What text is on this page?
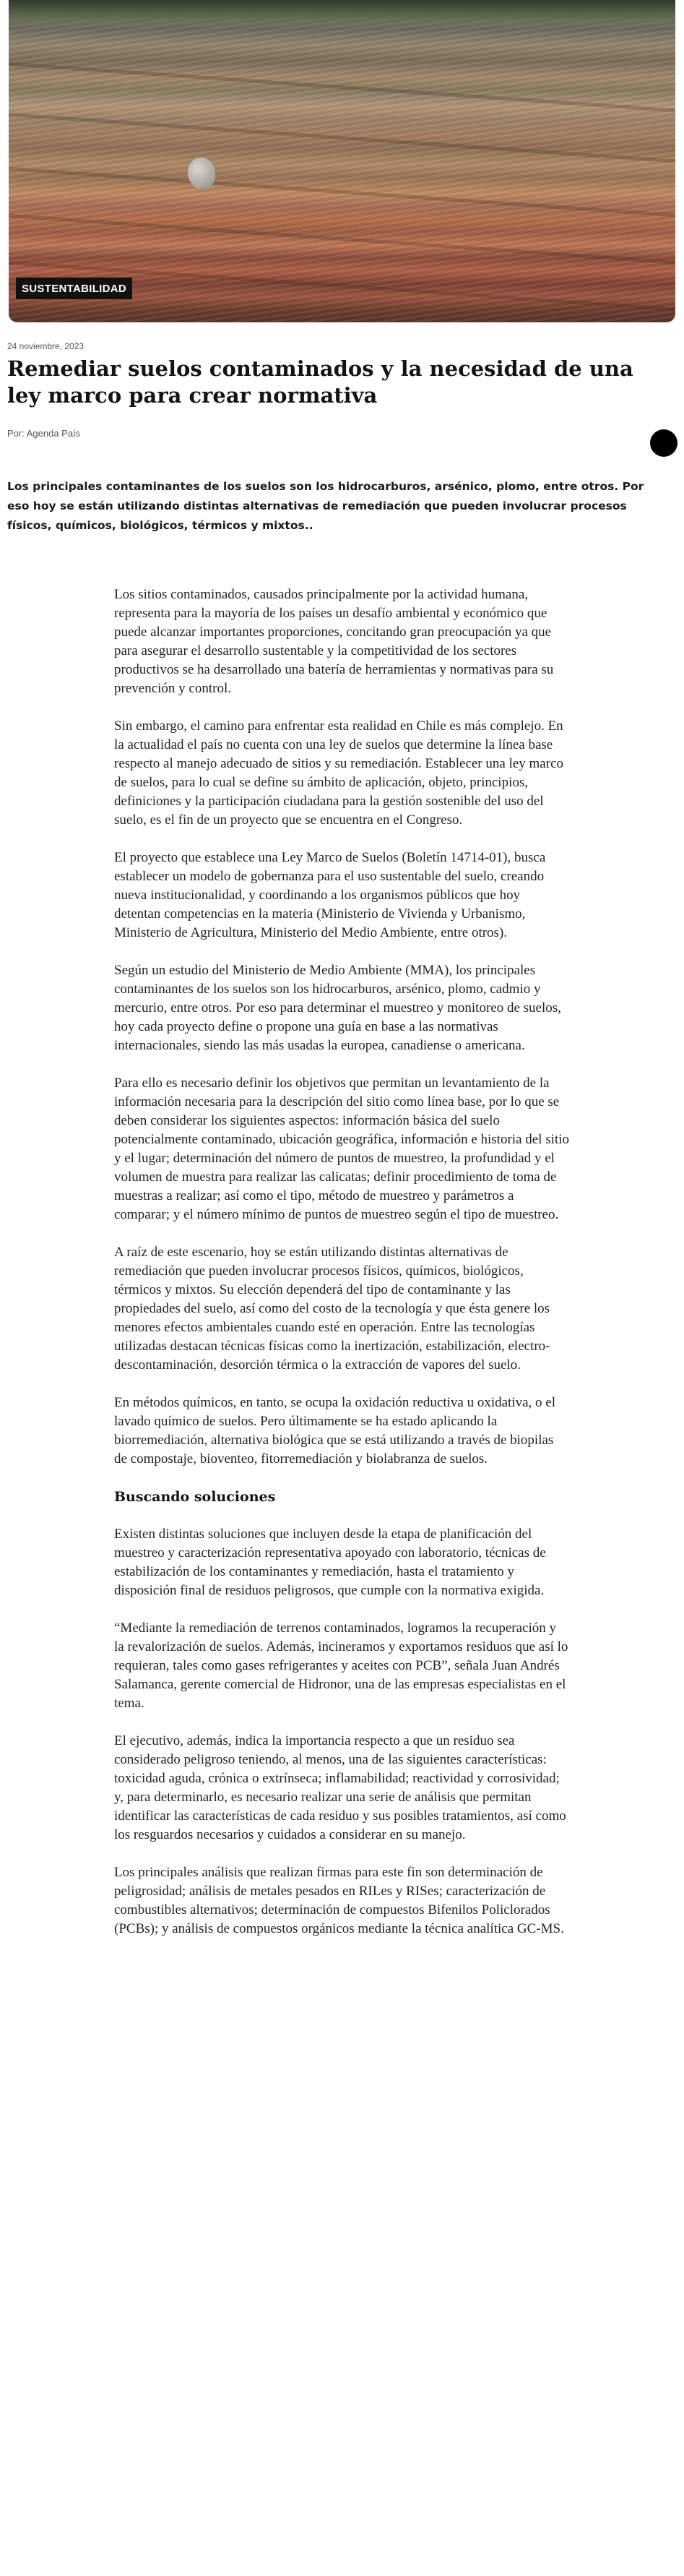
SUSTENTABILIDAD
24 noviembre, 2023
Remediar suelos contaminados y la necesidad de una ley marco para crear normativa
Por: Agenda País

Los principales contaminantes de los suelos son los hidrocarburos, arsénico, plomo, entre otros. Por eso hoy se están utilizando distintas alternativas de remediación que pueden involucrar procesos físicos, químicos, biológicos, térmicos y mixtos..

Los sitios contaminados, causados principalmente por la actividad humana, representa para la mayoría de los países un desafío ambiental y económico que puede alcanzar importantes proporciones, concitando gran preocupación ya que para asegurar el desarrollo sustentable y la competitividad de los sectores productivos se ha desarrollado una batería de herramientas y normativas para su prevención y control.

Sin embargo, el camino para enfrentar esta realidad en Chile es más complejo. En la actualidad el país no cuenta con una ley de suelos que determine la línea base respecto al manejo adecuado de sitios y su remediación. Establecer una ley marco de suelos, para lo cual se define su ámbito de aplicación, objeto, principios, definiciones y la participación ciudadana para la gestión sostenible del uso del suelo, es el fin de un proyecto que se encuentra en el Congreso.

El proyecto que establece una Ley Marco de Suelos (Boletín 14714-01), busca establecer un modelo de gobernanza para el uso sustentable del suelo, creando nueva institucionalidad, y coordinando a los organismos públicos que hoy detentan competencias en la materia (Ministerio de Vivienda y Urbanismo, Ministerio de Agricultura, Ministerio del Medio Ambiente, entre otros).

Según un estudio del Ministerio de Medio Ambiente (MMA), los principales contaminantes de los suelos son los hidrocarburos, arsénico, plomo, cadmio y mercurio, entre otros. Por eso para determinar el muestreo y monitoreo de suelos, hoy cada proyecto define o propone una guía en base a las normativas internacionales, siendo las más usadas la europea, canadiense o americana.

Para ello es necesario definir los objetivos que permitan un levantamiento de la información necesaria para la descripción del sitio como línea base, por lo que se deben considerar los siguientes aspectos: información básica del suelo potencialmente contaminado, ubicación geográfica, información e historia del sitio y el lugar; determinación del número de puntos de muestreo, la profundidad y el volumen de muestra para realizar las calicatas; definir procedimiento de toma de muestras a realizar; así como el tipo, método de muestreo y parámetros a comparar; y el número mínimo de puntos de muestreo según el tipo de muestreo.

A raíz de este escenario, hoy se están utilizando distintas alternativas de remediación que pueden involucrar procesos físicos, químicos, biológicos, térmicos y mixtos. Su elección dependerá del tipo de contaminante y las propiedades del suelo, así como del costo de la tecnología y que ésta genere los menores efectos ambientales cuando esté en operación. Entre las tecnologías utilizadas destacan técnicas físicas como la inertización, estabilización, electro-descontaminación, desorción térmica o la extracción de vapores del suelo.

En métodos químicos, en tanto, se ocupa la oxidación reductiva u oxidativa, o el lavado químico de suelos. Pero últimamente se ha estado aplicando la biorremediación, alternativa biológica que se está utilizando a través de biopilas de compostaje, bioventeo, fitorremediación y biolabranza de suelos.

Buscando soluciones

Existen distintas soluciones que incluyen desde la etapa de planificación del muestreo y caracterización representativa apoyado con laboratorio, técnicas de estabilización de los contaminantes y remediación, hasta el tratamiento y disposición final de residuos peligrosos, que cumple con la normativa exigida.

“Mediante la remediación de terrenos contaminados, logramos la recuperación y la revalorización de suelos. Además, incineramos y exportamos residuos que así lo requieran, tales como gases refrigerantes y aceites con PCB”, señala Juan Andrés Salamanca, gerente comercial de Hidronor, una de las empresas especialistas en el tema.

El ejecutivo, además, indica la importancia respecto a que un residuo sea considerado peligroso teniendo, al menos, una de las siguientes características: toxicidad aguda, crónica o extrínseca; inflamabilidad; reactividad y corrosividad; y, para determinarlo, es necesario realizar una serie de análisis que permitan identificar las características de cada residuo y sus posibles tratamientos, así como los resguardos necesarios y cuidados a considerar en su manejo.

Los principales análisis que realizan firmas para este fin son determinación de peligrosidad; análisis de metales pesados en RILes y RISes; caracterización de combustibles alternativos; determinación de compuestos Bifenilos Policlorados (PCBs); y análisis de compuestos orgánicos mediante la técnica analítica GC-MS.
